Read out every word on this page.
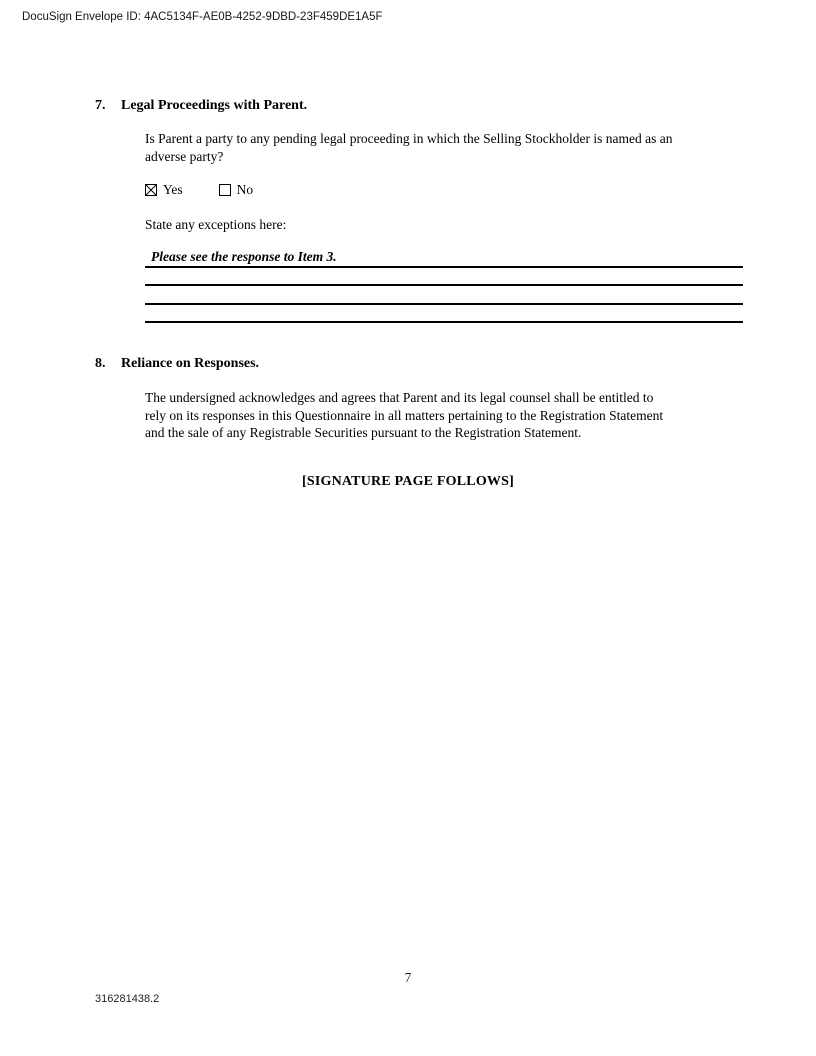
DocuSign Envelope ID: 4AC5134F-AE0B-4252-9DBD-23F459DE1A5F
7.	Legal Proceedings with Parent.
Is Parent a party to any pending legal proceeding in which the Selling Stockholder is named as an
adverse party?
Yes	No
State any exceptions here:
Please see the response to Item 3.
8.	Reliance on Responses.
The undersigned acknowledges and agrees that Parent and its legal counsel shall be entitled to
rely on its responses in this Questionnaire in all matters pertaining to the Registration Statement
and the sale of any Registrable Securities pursuant to the Registration Statement.
[SIGNATURE PAGE FOLLOWS]
7
316281438.2
